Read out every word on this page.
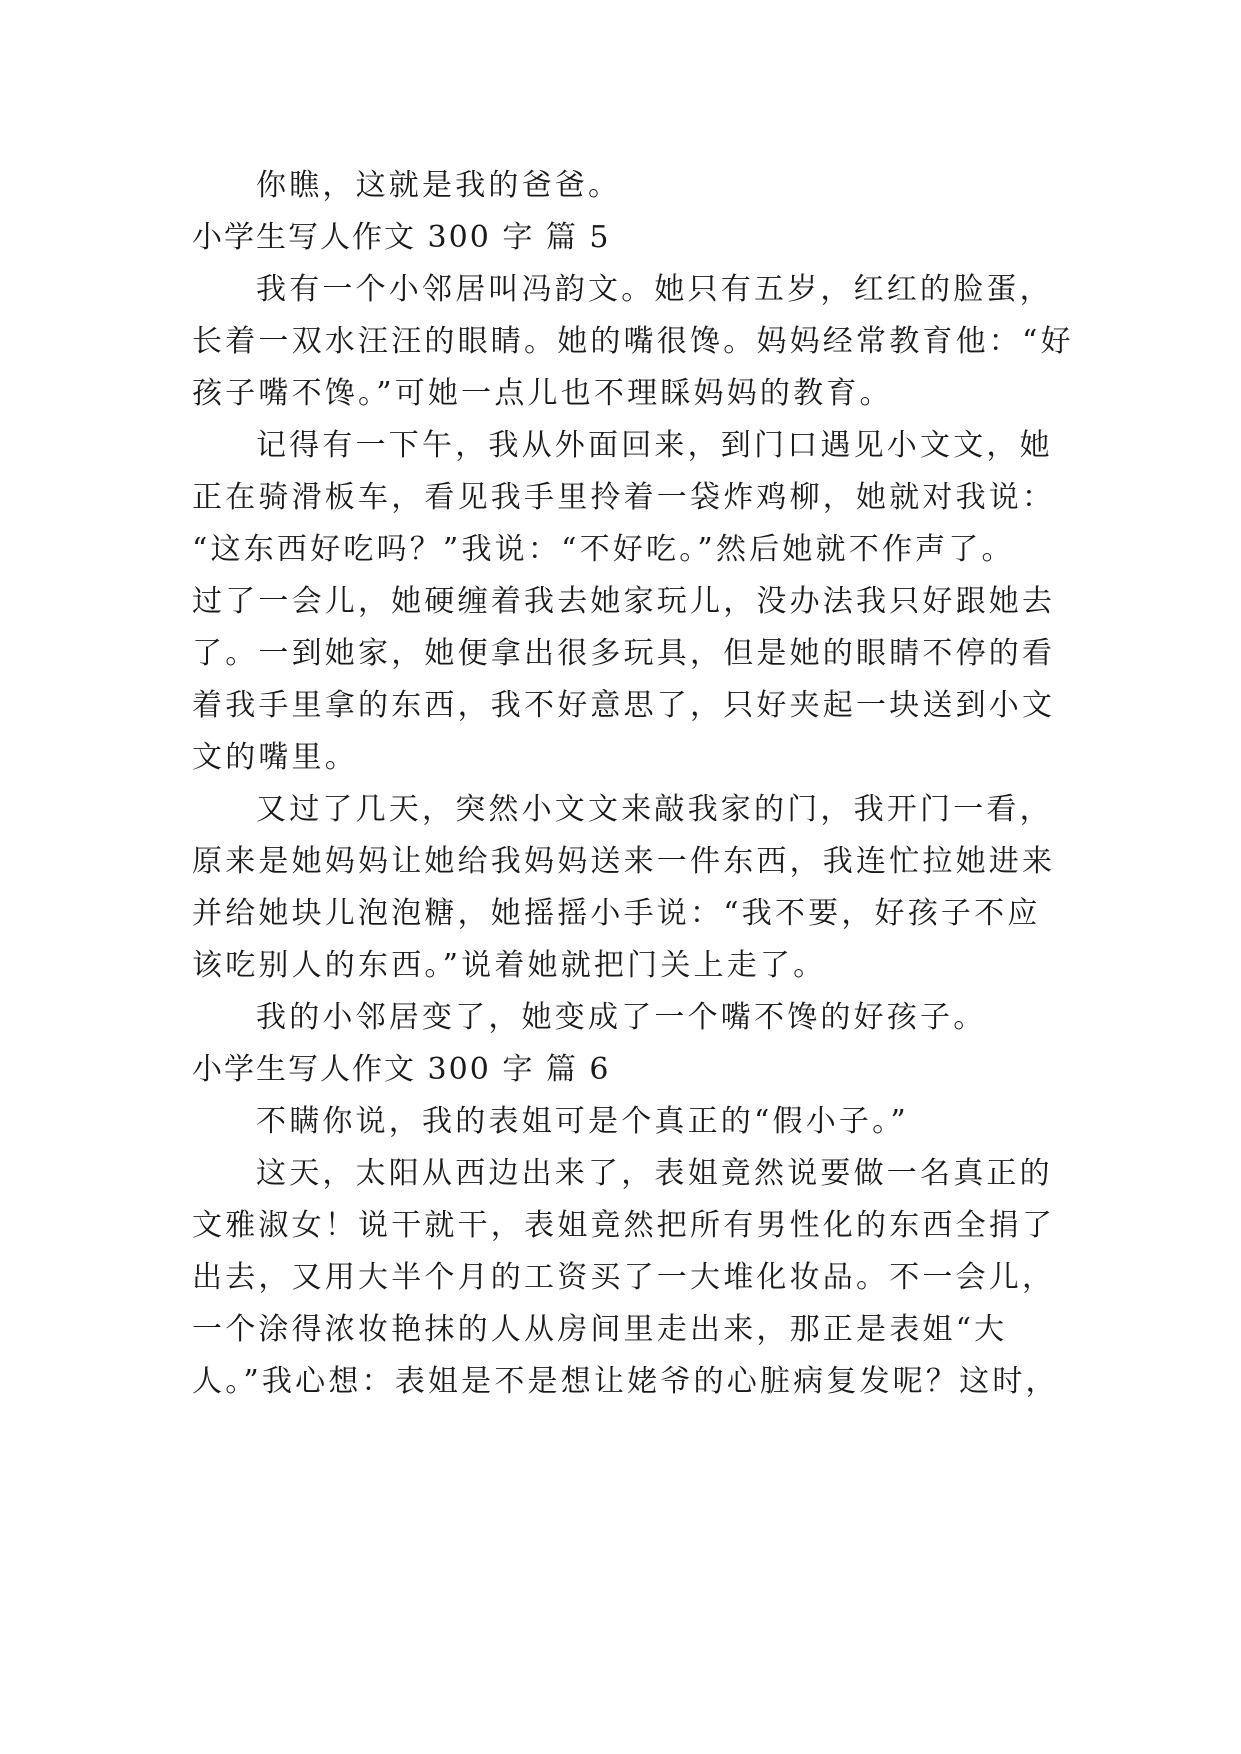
你瞧，这就是我的爸爸。

小学生写人作文 300 字 篇 5

我有一个小邻居叫冯韵文。她只有五岁，红红的脸蛋，

长着一双水汪汪的眼睛。她的嘴很馋。妈妈经常教育他：“好

孩子嘴不馋。”可她一点儿也不理睬妈妈的教育。

记得有一下午，我从外面回来，到门口遇见小文文，她

正在骑滑板车，看见我手里拎着一袋炸鸡柳，她就对我说：

“这东西好吃吗？”我说：“不好吃。”然后她就不作声了。

过了一会儿，她硬缠着我去她家玩儿，没办法我只好跟她去

了。一到她家，她便拿出很多玩具，但是她的眼睛不停的看

着我手里拿的东西，我不好意思了，只好夹起一块送到小文

文的嘴里。

又过了几天，突然小文文来敲我家的门，我开门一看，

原来是她妈妈让她给我妈妈送来一件东西，我连忙拉她进来

并给她块儿泡泡糖，她摇摇小手说：“我不要，好孩子不应

该吃别人的东西。”说着她就把门关上走了。

我的小邻居变了，她变成了一个嘴不馋的好孩子。

小学生写人作文 300 字 篇 6

不瞒你说，我的表姐可是个真正的“假小子。”

这天，太阳从西边出来了，表姐竟然说要做一名真正的

文雅淑女！说干就干，表姐竟然把所有男性化的东西全捐了

出去，又用大半个月的工资买了一大堆化妆品。不一会儿，

一个涂得浓妆艳抹的人从房间里走出来，那正是表姐“大

人。”我心想：表姐是不是想让姥爷的心脏病复发呢？这时，
